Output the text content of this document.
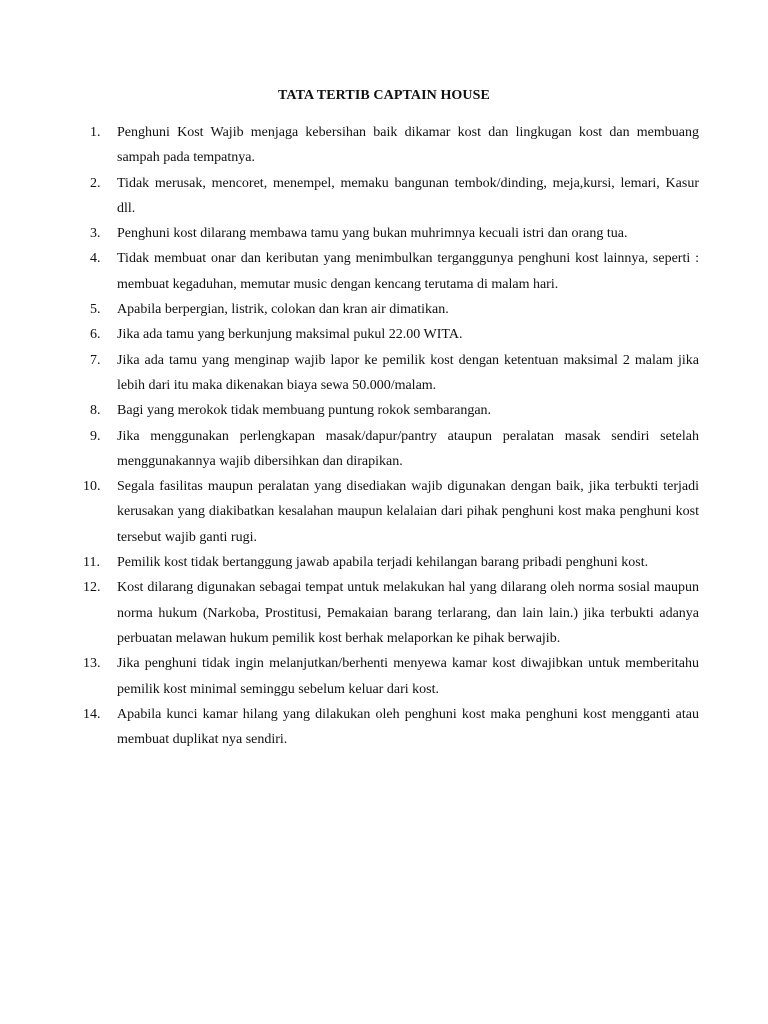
TATA TERTIB CAPTAIN HOUSE
1.	Penghuni Kost Wajib menjaga kebersihan baik dikamar kost dan lingkugan kost dan membuang sampah pada tempatnya.
2.	Tidak merusak, mencoret, menempel, memaku bangunan tembok/dinding, meja,kursi, lemari, Kasur dll.
3.	Penghuni kost dilarang membawa tamu yang bukan muhrimnya kecuali istri dan orang tua.
4.	Tidak membuat onar dan keributan yang menimbulkan terganggunya penghuni kost lainnya, seperti : membuat kegaduhan, memutar music dengan kencang terutama di malam hari.
5.	Apabila berpergian, listrik, colokan dan kran air dimatikan.
6.	Jika ada tamu yang berkunjung maksimal pukul 22.00 WITA.
7.	Jika ada tamu yang menginap wajib lapor ke pemilik kost dengan ketentuan maksimal 2 malam jika lebih dari itu maka dikenakan biaya sewa 50.000/malam.
8.	Bagi yang merokok tidak membuang puntung rokok sembarangan.
9.	Jika menggunakan perlengkapan masak/dapur/pantry ataupun peralatan masak sendiri setelah menggunakannya wajib dibersihkan dan dirapikan.
10.	Segala fasilitas maupun peralatan yang disediakan wajib digunakan dengan baik, jika terbukti terjadi kerusakan yang diakibatkan kesalahan maupun kelalaian dari pihak penghuni kost maka penghuni kost tersebut wajib ganti rugi.
11.	Pemilik kost tidak bertanggung jawab apabila terjadi kehilangan barang pribadi penghuni kost.
12.	Kost dilarang digunakan sebagai tempat untuk melakukan hal yang dilarang oleh norma sosial maupun norma hukum (Narkoba, Prostitusi, Pemakaian barang terlarang, dan lain lain.) jika terbukti adanya perbuatan melawan hukum pemilik kost berhak melaporkan ke pihak berwajib.
13.	Jika penghuni tidak ingin melanjutkan/berhenti menyewa kamar kost diwajibkan untuk memberitahu pemilik kost minimal seminggu sebelum keluar dari kost.
14.	Apabila kunci kamar hilang yang dilakukan oleh penghuni kost maka penghuni kost mengganti atau membuat duplikat nya sendiri.
